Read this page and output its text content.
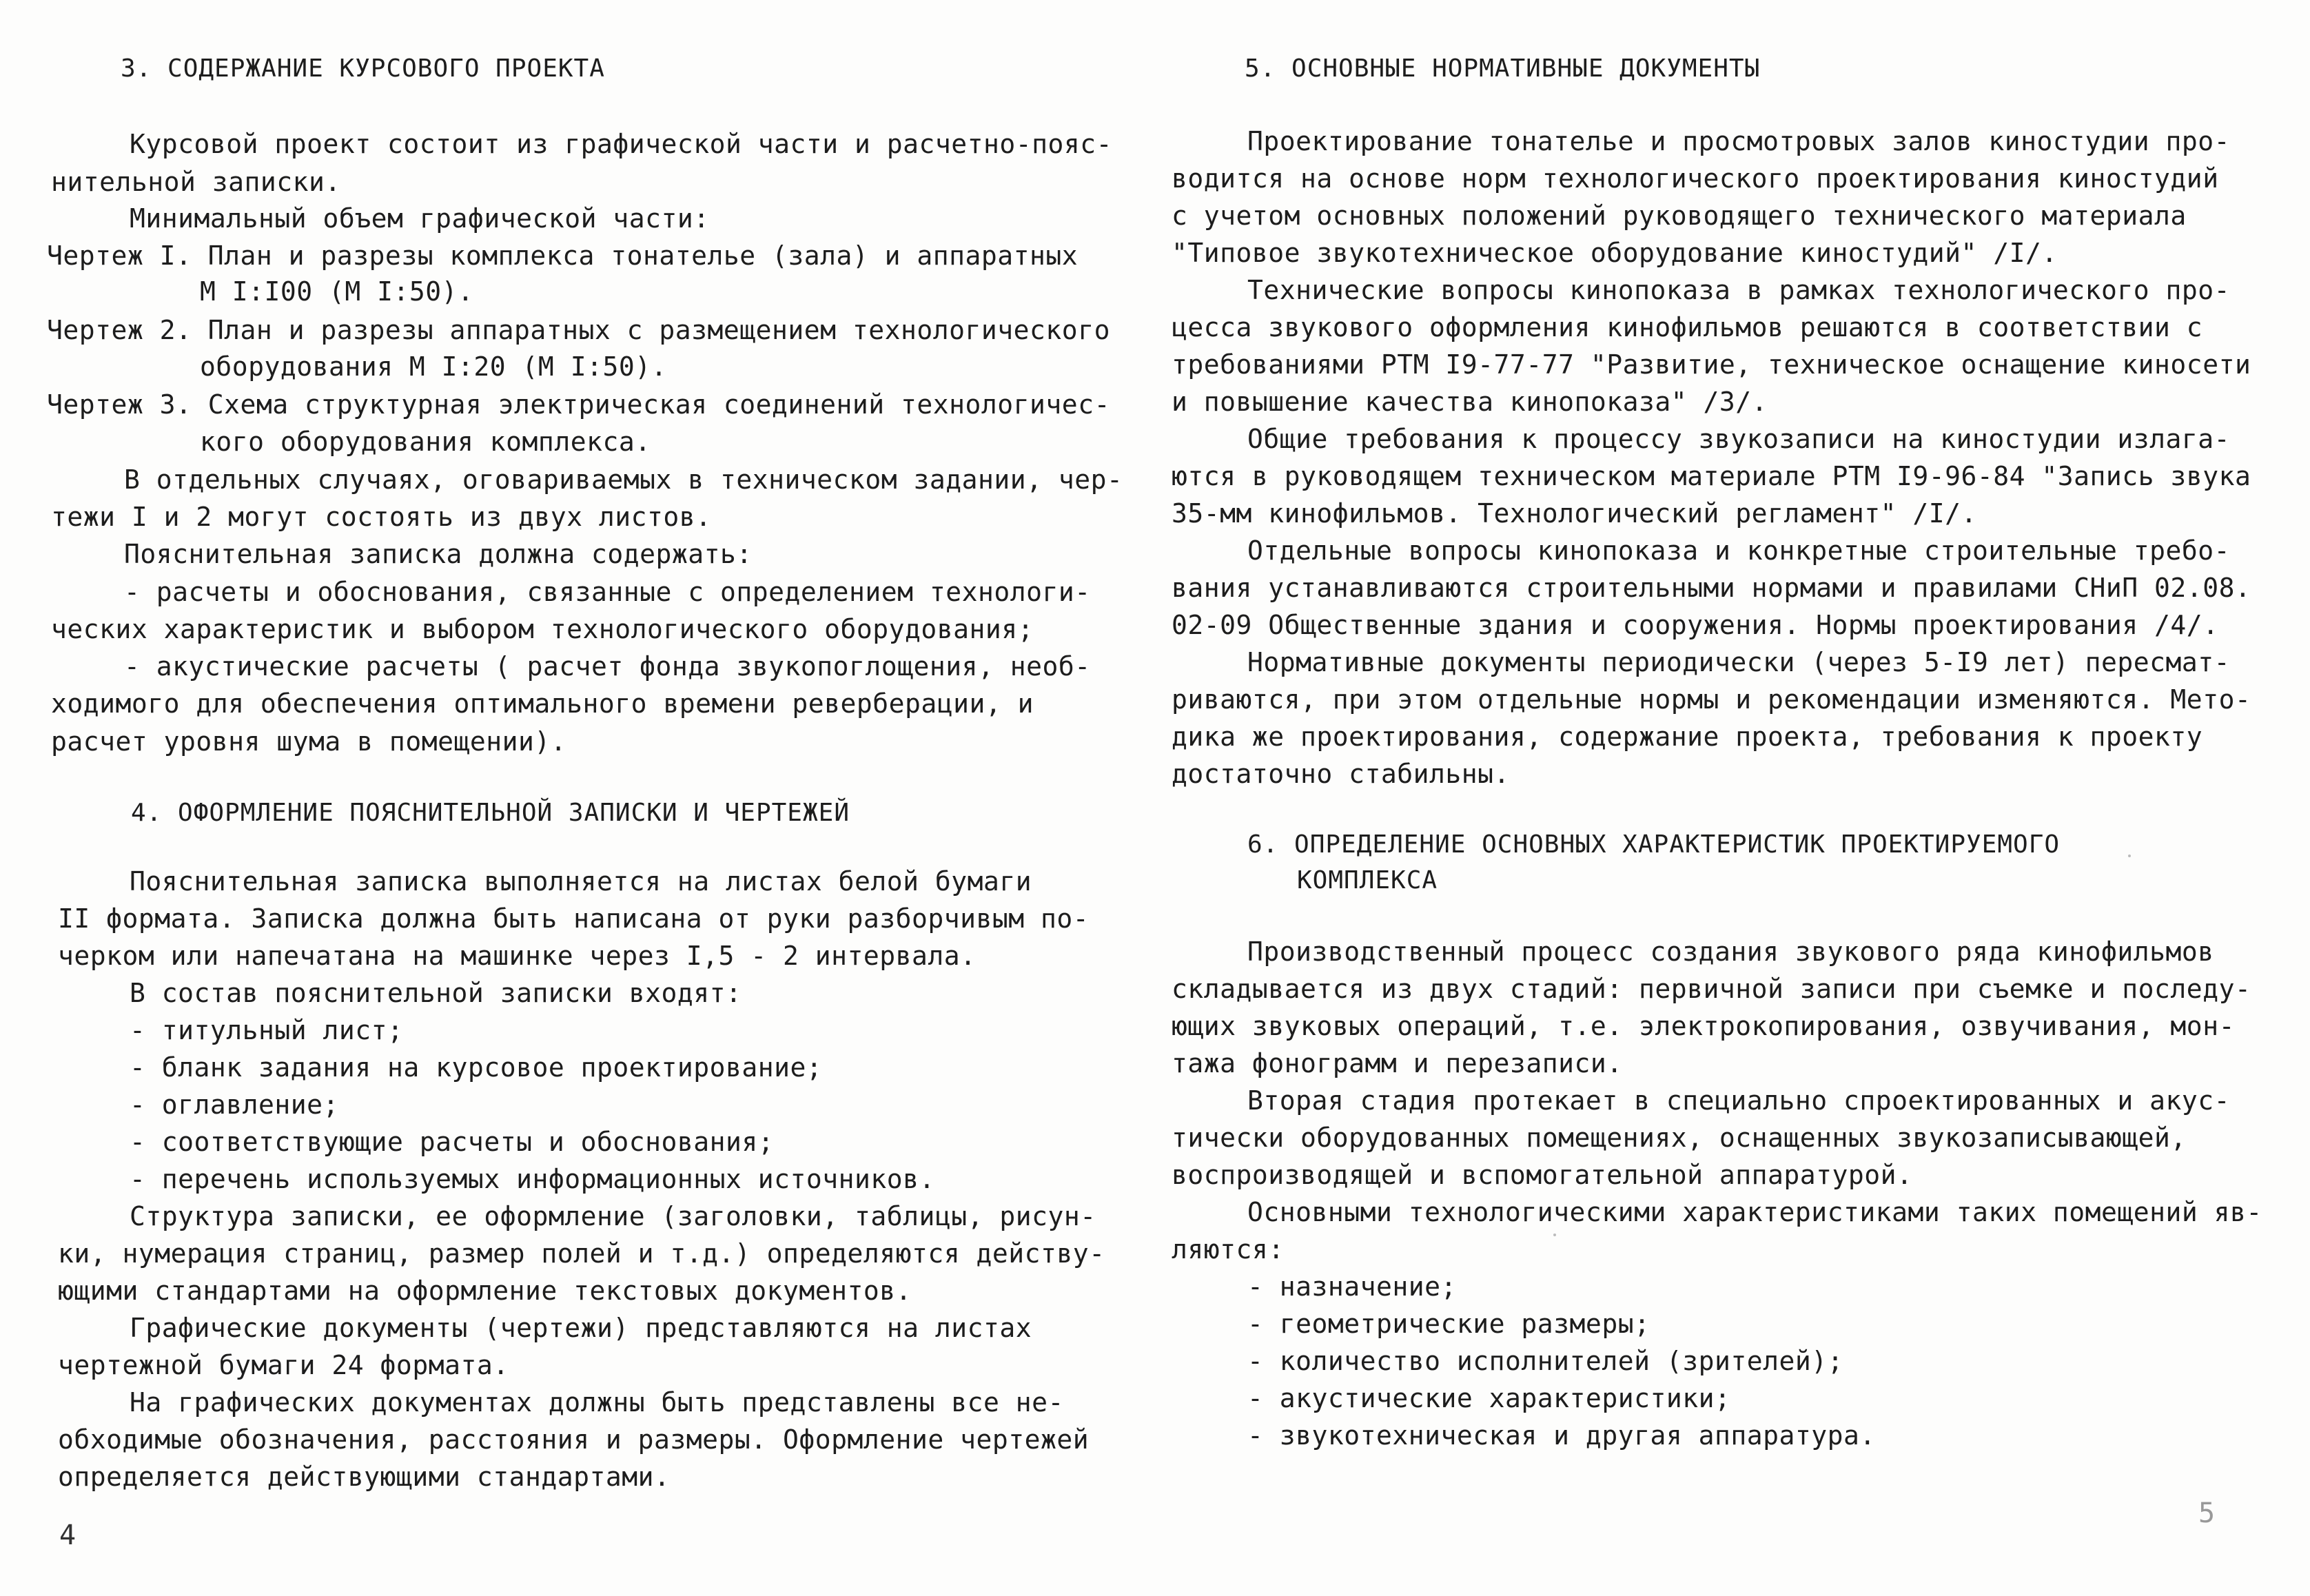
3. СОДЕРЖАНИЕ КУРСОВОГО ПРОЕКТА
Курсовой проект состоит из графической части и расчетно-пояс-
нительной записки.
Минимальный объем графической части:
Чертеж I. План и разрезы комплекса тонателье (зала) и аппаратных
М I:I00 (М I:50).
Чертеж 2. План и разрезы аппаратных с размещением технологического
оборудования М I:20 (М I:50).
Чертеж 3. Схема структурная электрическая соединений технологичес-
кого оборудования комплекса.
В отдельных случаях, оговариваемых в техническом задании, чер-
тежи I и 2 могут состоять из двух листов.
Пояснительная записка должна содержать:
- расчеты и обоснования, связанные с определением технологи-
ческих характеристик и выбором технологического оборудования;
- акустические расчеты ( расчет фонда звукопоглощения, необ-
ходимого для обеспечения оптимального времени реверберации, и
расчет уровня шума в помещении).
4. ОФОРМЛЕНИЕ ПОЯСНИТЕЛЬНОЙ ЗАПИСКИ И ЧЕРТЕЖЕЙ
Пояснительная записка выполняется на листах белой бумаги
II формата. Записка должна быть написана от руки разборчивым по-
черком или напечатана на машинке через I,5 - 2 интервала.
В состав пояснительной записки входят:
- титульный лист;
- бланк задания на курсовое проектирование;
- оглавление;
- соответствующие расчеты и обоснования;
- перечень используемых информационных источников.
Структура записки, ее оформление (заголовки, таблицы, рисун-
ки, нумерация страниц, размер полей и т.д.) определяются действу-
ющими стандартами на оформление текстовых документов.
Графические документы (чертежи) представляются на листах
чертежной бумаги 24 формата.
На графических документах должны быть представлены все не-
обходимые обозначения, расстояния и размеры. Оформление чертежей
определяется действующими стандартами.
4
5. ОСНОВНЫЕ НОРМАТИВНЫЕ ДОКУМЕНТЫ
Проектирование тонателье и просмотровых залов киностудии про-
водится на основе норм технологического проектирования киностудий
с учетом основных положений руководящего технического материала
"Типовое звукотехническое оборудование киностудий" /I/.
Технические вопросы кинопоказа в рамках технологического про-
цесса звукового оформления кинофильмов решаются в соответствии с
требованиями РТМ I9-77-77 "Развитие, техническое оснащение киносети
и повышение качества кинопоказа" /3/.
Общие требования к процессу звукозаписи на киностудии излага-
ются в руководящем техническом материале РТМ I9-96-84 "Запись звука
35-мм кинофильмов. Технологический регламент" /I/.
Отдельные вопросы кинопоказа и конкретные строительные требо-
вания устанавливаются строительными нормами и правилами СНиП 02.08.
02-09 Общественные здания и сооружения. Нормы проектирования /4/.
Нормативные документы периодически (через 5-I9 лет) пересмат-
риваются, при этом отдельные нормы и рекомендации изменяются. Мето-
дика же проектирования, содержание проекта, требования к проекту
достаточно стабильны.
6. ОПРЕДЕЛЕНИЕ ОСНОВНЫХ ХАРАКТЕРИСТИК ПРОЕКТИРУЕМОГО
КОМПЛЕКСА
Производственный процесс создания звукового ряда кинофильмов
складывается из двух стадий: первичной записи при съемке и последу-
ющих звуковых операций, т.е. электрокопирования, озвучивания, мон-
тажа фонограмм и перезаписи.
Вторая стадия протекает в специально спроектированных и акус-
тически оборудованных помещениях, оснащенных звукозаписывающей,
воспроизводящей и вспомогательной аппаратурой.
Основными технологическими характеристиками таких помещений яв-
ляются:
- назначение;
- геометрические размеры;
- количество исполнителей (зрителей);
- акустические характеристики;
- звукотехническая и другая аппаратура.
5
